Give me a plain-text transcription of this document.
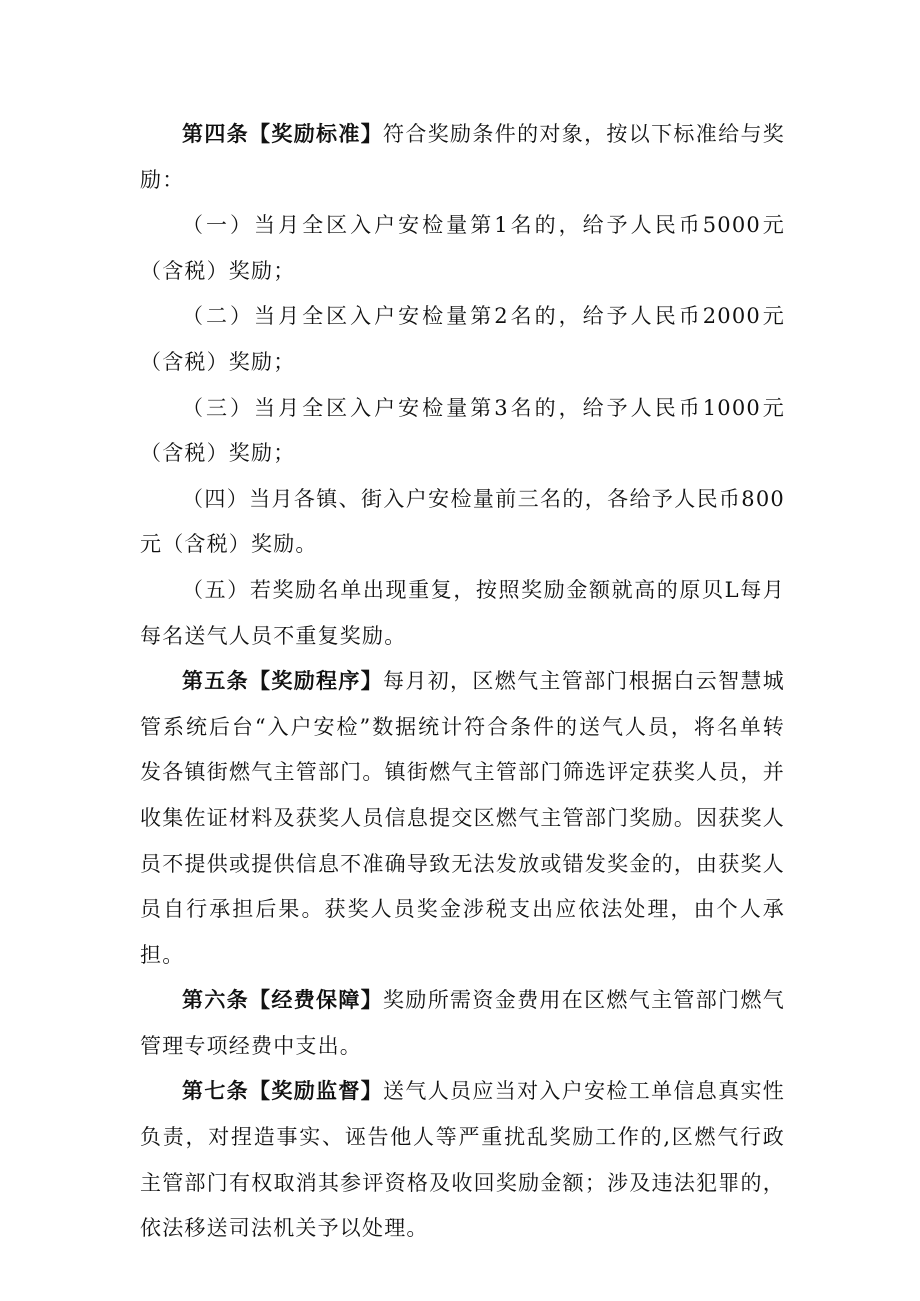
第四条【奖励标准】符合奖励条件的对象，按以下标准给与奖励：

（一）当月全区入户安检量第1名的，给予人民币5000元（含税）奖励；

（二）当月全区入户安检量第2名的，给予人民币2000元（含税）奖励；

（三）当月全区入户安检量第3名的，给予人民币1000元（含税）奖励；

（四）当月各镇、街入户安检量前三名的，各给予人民币800元（含税）奖励。

（五）若奖励名单出现重复，按照奖励金额就高的原贝L每月每名送气人员不重复奖励。

第五条【奖励程序】每月初，区燃气主管部门根据白云智慧城管系统后台“入户安检”数据统计符合条件的送气人员，将名单转发各镇街燃气主管部门。镇街燃气主管部门筛选评定获奖人员，并收集佐证材料及获奖人员信息提交区燃气主管部门奖励。因获奖人员不提供或提供信息不准确导致无法发放或错发奖金的，由获奖人员自行承担后果。获奖人员奖金涉税支出应依法处理，由个人承担。

第六条【经费保障】奖励所需资金费用在区燃气主管部门燃气管理专项经费中支出。

第七条【奖励监督】送气人员应当对入户安检工单信息真实性负责，对捏造事实、诬告他人等严重扰乱奖励工作的,区燃气行政主管部门有权取消其参评资格及收回奖励金额；涉及违法犯罪的，依法移送司法机关予以处理。
